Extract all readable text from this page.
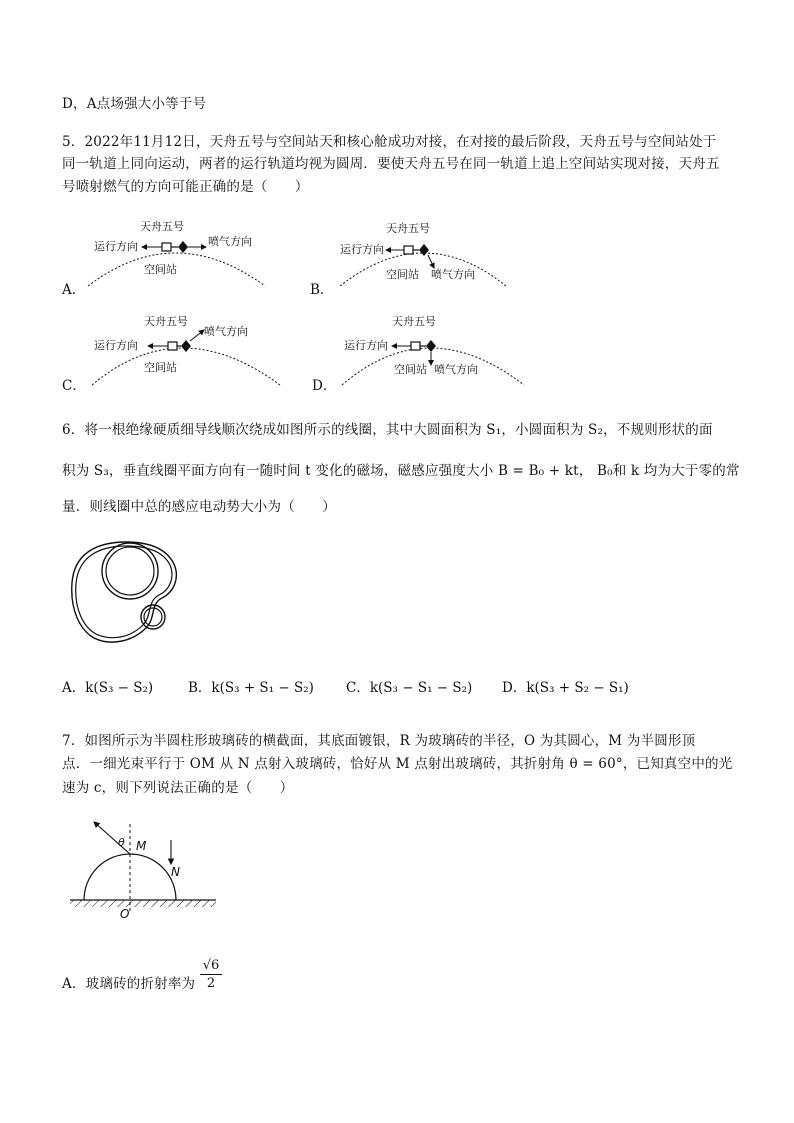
D，A点场强大小等于号
5．2022年11月12日，天舟五号与空间站天和核心舱成功对接，在对接的最后阶段，天舟五号与空间站处于
同一轨道上同向运动，两者的运行轨道均视为圆周．要使天舟五号在同一轨道上追上空间站实现对接，天舟五
号喷射燃气的方向可能正确的是（　　）
A．	B．
C．	D．
天舟五号
运行方向	喷气方向
空间站
天舟五号
运行方向
空间站 喷气方向
天舟五号
喷气方向
运行方向
空间站
天舟五号
运行方向
空间站 喷气方向
6．将一根绝缘硬质细导线顺次绕成如图所示的线圈，其中大圆面积为 S₁，小圆面积为 S₂，不规则形状的面
积为 S₃，垂直线圈平面方向有一随时间 t 变化的磁场，磁感应强度大小 B = B₀ + kt， B₀和 k 均为大于零的常
量．则线圈中总的感应电动势大小为（　　）
A．k(S₃ − S₂)	B．k(S₃ + S₁ − S₂) C．k(S₃ − S₁ − S₂) D．k(S₃ + S₂ − S₁)
7．如图所示为半圆柱形玻璃砖的横截面，其底面镀银，R 为玻璃砖的半径，O 为其圆心，M 为半圆形顶
点．一细光束平行于 OM 从 N 点射入玻璃砖，恰好从 M 点射出玻璃砖，其折射角 θ = 60°，已知真空中的光
速为 c，则下列说法正确的是（　　）
θ M
N
O
A．玻璃砖的折射率为 $\frac{√6}{2}$
